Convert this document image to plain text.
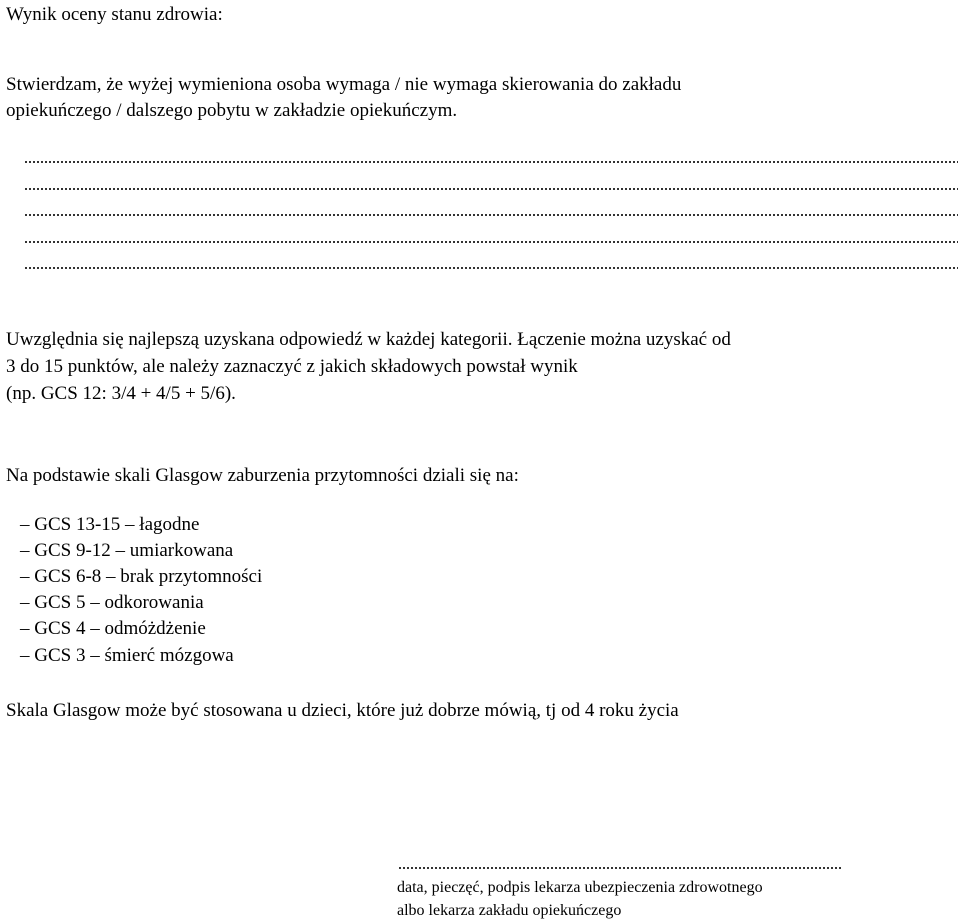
Wynik oceny stanu zdrowia:
Stwierdzam, że wyżej wymieniona osoba wymaga / nie wymaga skierowania do zakładu
opiekuńczego / dalszego pobytu w zakładzie opiekuńczym.
Uwzględnia się najlepszą uzyskana odpowiedź w każdej kategorii. Łączenie można uzyskać od
3 do 15 punktów, ale należy zaznaczyć z jakich składowych powstał wynik
(np. GCS 12: 3/4 + 4/5 + 5/6).
Na podstawie skali Glasgow zaburzenia przytomności dziali się na:
– GCS 13-15 – łagodne
– GCS 9-12 – umiarkowana
– GCS 6-8 – brak przytomności
– GCS 5 – odkorowania
– GCS 4 – odmóżdżenie
– GCS 3 – śmierć mózgowa
Skala Glasgow może być stosowana u dzieci, które już dobrze mówią, tj od 4 roku życia
data, pieczęć, podpis lekarza ubezpieczenia zdrowotnego
albo lekarza zakładu opiekuńczego
